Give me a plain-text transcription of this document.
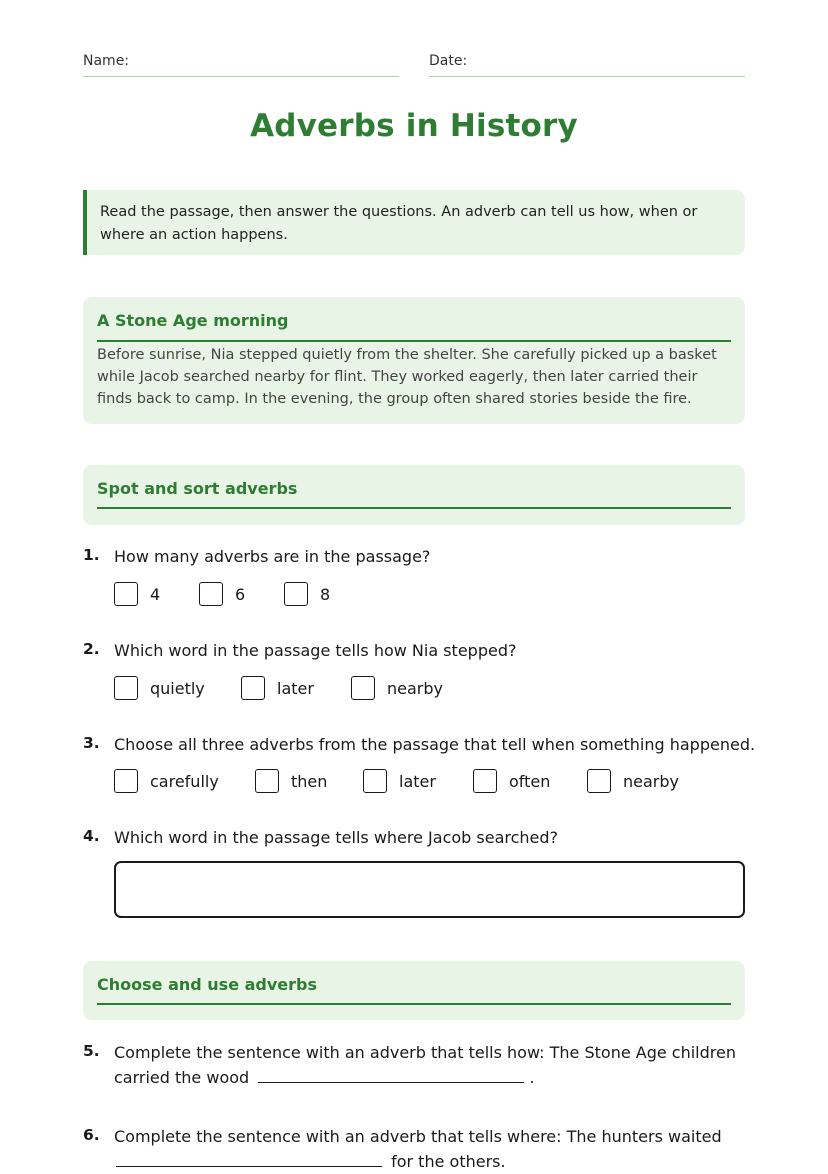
Name:	Date:
Adverbs in History
Read the passage, then answer the questions. An adverb can tell us how, when or where an action happens.
A Stone Age morning
Before sunrise, Nia stepped quietly from the shelter. She carefully picked up a basket while Jacob searched nearby for flint. They worked eagerly, then later carried their finds back to camp. In the evening, the group often shared stories beside the fire.
Spot and sort adverbs
1. How many adverbs are in the passage?
4	6	8
2. Which word in the passage tells how Nia stepped?
quietly	later	nearby
3. Choose all three adverbs from the passage that tell when something happened.
carefully	then	later	often	nearby
4. Which word in the passage tells where Jacob searched?
Choose and use adverbs
5. Complete the sentence with an adverb that tells how: The Stone Age children
carried the wood	.
6. Complete the sentence with an adverb that tells where: The hunters waited
for the others.
